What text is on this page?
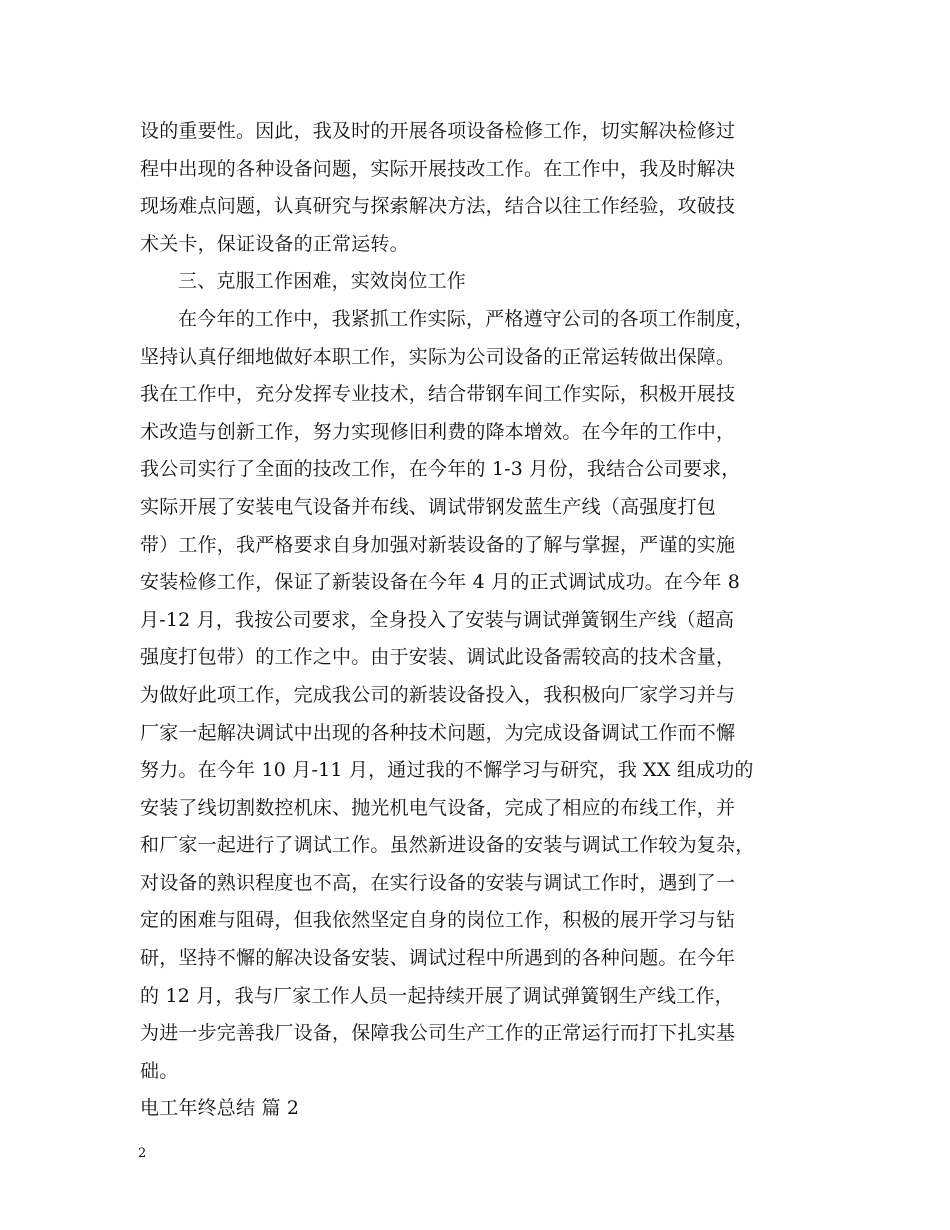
设的重要性。因此，我及时的开展各项设备检修工作，切实解决检修过
程中出现的各种设备问题，实际开展技改工作。在工作中，我及时解决
现场难点问题，认真研究与探索解决方法，结合以往工作经验，攻破技
术关卡，保证设备的正常运转。
三、克服工作困难，实效岗位工作
在今年的工作中，我紧抓工作实际，严格遵守公司的各项工作制度，
坚持认真仔细地做好本职工作，实际为公司设备的正常运转做出保障。
我在工作中，充分发挥专业技术，结合带钢车间工作实际，积极开展技
术改造与创新工作，努力实现修旧利费的降本增效。在今年的工作中，
我公司实行了全面的技改工作，在今年的 1-3 月份，我结合公司要求，
实际开展了安装电气设备并布线、调试带钢发蓝生产线（高强度打包
带）工作，我严格要求自身加强对新装设备的了解与掌握，严谨的实施
安装检修工作，保证了新装设备在今年 4 月的正式调试成功。在今年 8
月-12 月，我按公司要求，全身投入了安装与调试弹簧钢生产线（超高
强度打包带）的工作之中。由于安装、调试此设备需较高的技术含量，
为做好此项工作，完成我公司的新装设备投入，我积极向厂家学习并与
厂家一起解决调试中出现的各种技术问题，为完成设备调试工作而不懈
努力。在今年 10 月-11 月，通过我的不懈学习与研究，我 XX 组成功的
安装了线切割数控机床、抛光机电气设备，完成了相应的布线工作，并
和厂家一起进行了调试工作。虽然新进设备的安装与调试工作较为复杂，
对设备的熟识程度也不高，在实行设备的安装与调试工作时，遇到了一
定的困难与阻碍，但我依然坚定自身的岗位工作，积极的展开学习与钻
研，坚持不懈的解决设备安装、调试过程中所遇到的各种问题。在今年
的 12 月，我与厂家工作人员一起持续开展了调试弹簧钢生产线工作，
为进一步完善我厂设备，保障我公司生产工作的正常运行而打下扎实基
础。
电工年终总结 篇 2
2
